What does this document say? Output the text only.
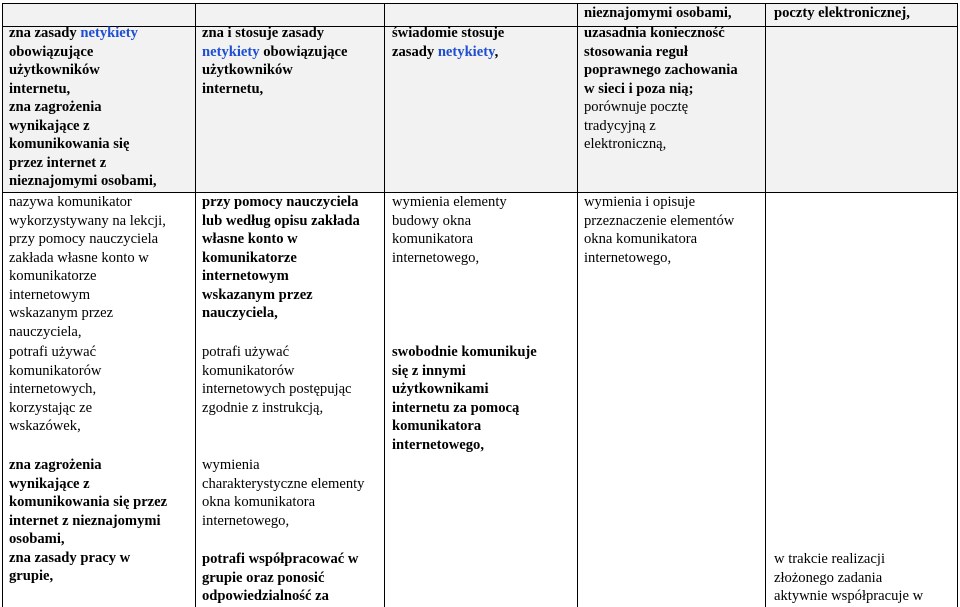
nieznajomymi osobami,	poczty elektronicznej,

zna zasady netykiety

obowiązujące

użytkowników

internetu,

zna zagrożenia

wynikające z

komunikowania się

przez internet z

nieznajomymi osobami,

nazywa komunikator

wykorzystywany na lekcji,

przy pomocy nauczyciela

zakłada własne konto w

komunikatorze

internetowym

wskazanym przez

nauczyciela,

potrafi używać

komunikatorów

internetowych,

korzystając ze

wskazówek,

zna zagrożenia

wynikające z

komunikowania się przez

internet z nieznajomymi

osobami,

zna zasady pracy w

grupie,

zna i stosuje zasady

netykiety obowiązujące

użytkowników

internetu,

przy pomocy nauczyciela

lub według opisu zakłada

własne konto w

komunikatorze

internetowym

wskazanym przez

nauczyciela,

potrafi używać

komunikatorów

internetowych postępując

zgodnie z instrukcją,

wymienia

charakterystyczne elementy

okna komunikatora

internetowego,

potrafi współpracować w

grupie oraz ponosić

odpowiedzialność za

świadomie stosuje

zasady netykiety,

wymienia elementy

budowy okna

komunikatora

internetowego,

swobodnie komunikuje

się z innymi

użytkownikami

internetu za pomocą

komunikatora

internetowego,

uzasadnia konieczność

stosowania reguł

poprawnego zachowania

w sieci i poza nią;

porównuje pocztę

tradycyjną z

elektroniczną,

wymienia i opisuje

przeznaczenie elementów

okna komunikatora

internetowego,

w trakcie realizacji

złożonego zadania

aktywnie współpracuje w
